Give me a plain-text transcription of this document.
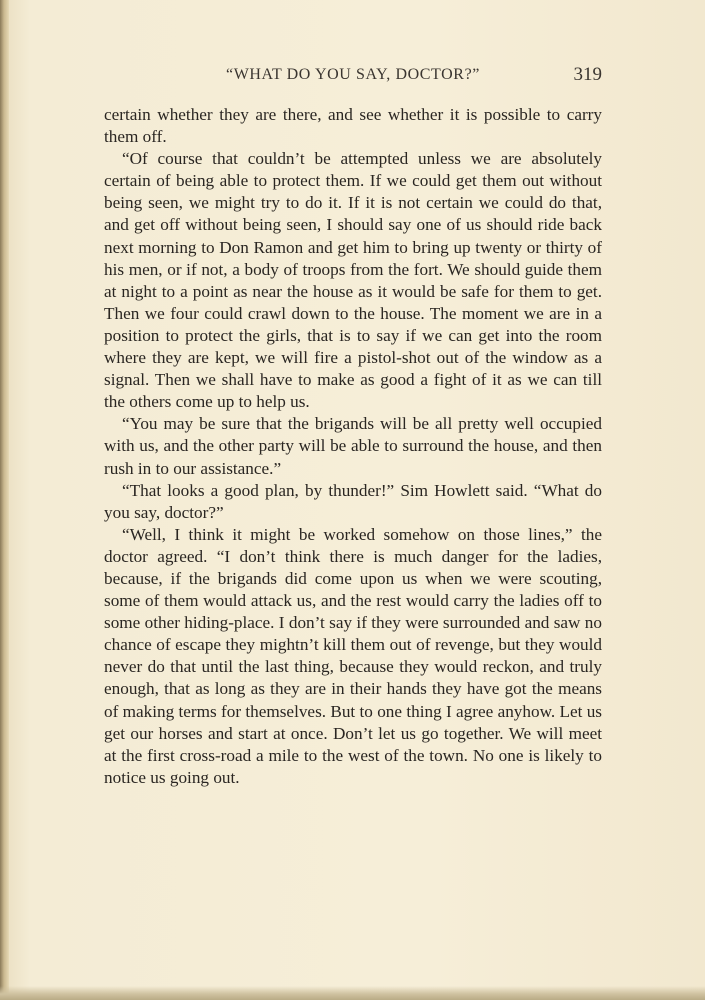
“WHAT DO YOU SAY, DOCTOR?”	319

certain whether they are there, and see whether it is possible to carry them off.

“Of course that couldn’t be attempted unless we are absolutely certain of being able to protect them. If we could get them out without being seen, we might try to do it. If it is not certain we could do that, and get off without being seen, I should say one of us should ride back next morning to Don Ramon and get him to bring up twenty or thirty of his men, or if not, a body of troops from the fort. We should guide them at night to a point as near the house as it would be safe for them to get. Then we four could crawl down to the house. The moment we are in a position to protect the girls, that is to say if we can get into the room where they are kept, we will fire a pistol-shot out of the window as a signal. Then we shall have to make as good a fight of it as we can till the others come up to help us.

“You may be sure that the brigands will be all pretty well occupied with us, and the other party will be able to surround the house, and then rush in to our assistance.”

“That looks a good plan, by thunder!” Sim Howlett said. “What do you say, doctor?”

“Well, I think it might be worked somehow on those lines,” the doctor agreed. “I don’t think there is much danger for the ladies, because, if the brigands did come upon us when we were scouting, some of them would attack us, and the rest would carry the ladies off to some other hiding-place. I don’t say if they were surrounded and saw no chance of escape they mightn’t kill them out of revenge, but they would never do that until the last thing, because they would reckon, and truly enough, that as long as they are in their hands they have got the means of making terms for themselves. But to one thing I agree anyhow. Let us get our horses and start at once. Don’t let us go together. We will meet at the first cross-road a mile to the west of the town. No one is likely to notice us going out.
